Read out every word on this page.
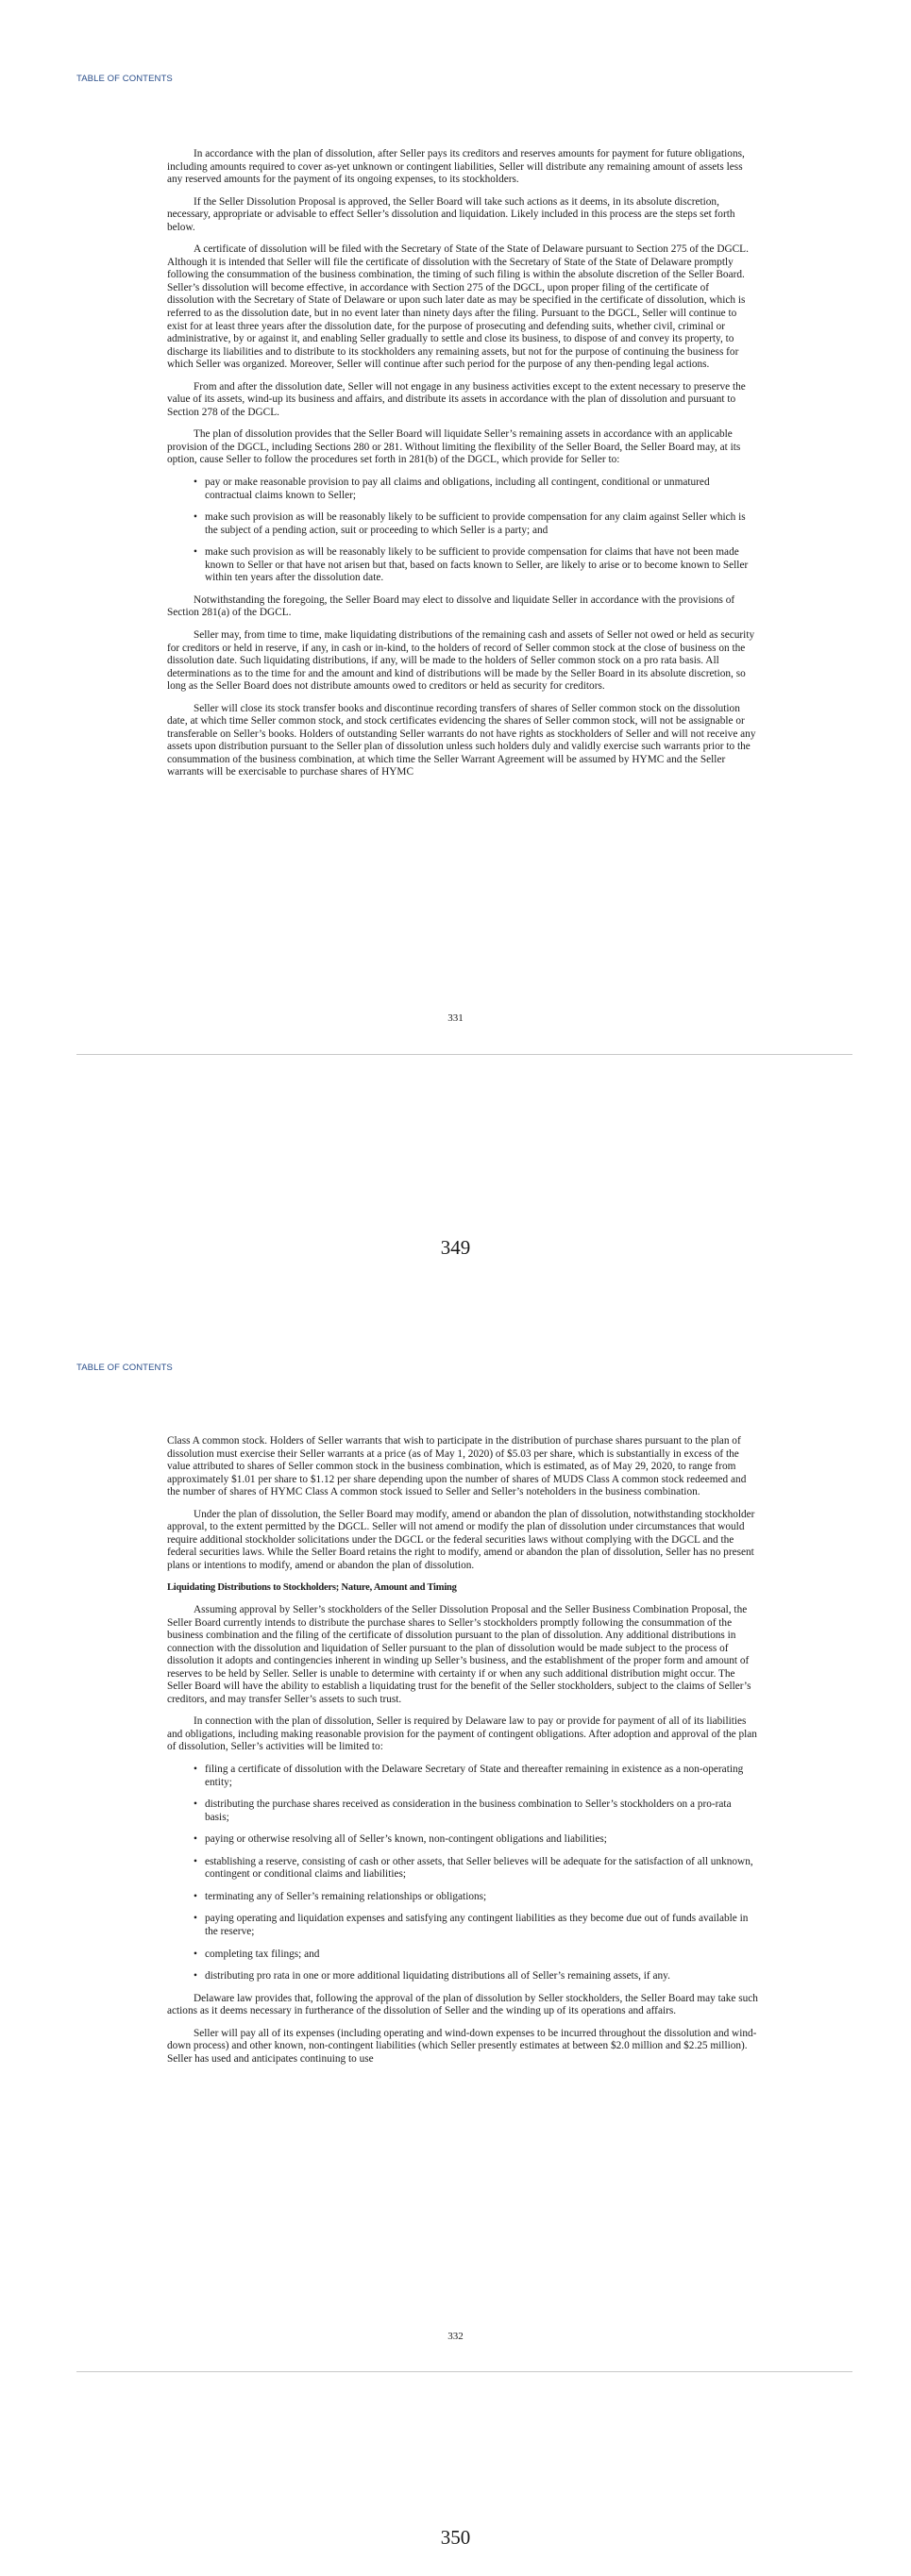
TABLE OF CONTENTS

In accordance with the plan of dissolution, after Seller pays its creditors and reserves amounts for payment for future obligations, including amounts required to cover as-yet unknown or contingent liabilities, Seller will distribute any remaining amount of assets less any reserved amounts for the payment of its ongoing expenses, to its stockholders.

If the Seller Dissolution Proposal is approved, the Seller Board will take such actions as it deems, in its absolute discretion, necessary, appropriate or advisable to effect Seller’s dissolution and liquidation. Likely included in this process are the steps set forth below.

A certificate of dissolution will be filed with the Secretary of State of the State of Delaware pursuant to Section 275 of the DGCL. Although it is intended that Seller will file the certificate of dissolution with the Secretary of State of the State of Delaware promptly following the consummation of the business combination, the timing of such filing is within the absolute discretion of the Seller Board. Seller’s dissolution will become effective, in accordance with Section 275 of the DGCL, upon proper filing of the certificate of dissolution with the Secretary of State of Delaware or upon such later date as may be specified in the certificate of dissolution, which is referred to as the dissolution date, but in no event later than ninety days after the filing. Pursuant to the DGCL, Seller will continue to exist for at least three years after the dissolution date, for the purpose of prosecuting and defending suits, whether civil, criminal or administrative, by or against it, and enabling Seller gradually to settle and close its business, to dispose of and convey its property, to discharge its liabilities and to distribute to its stockholders any remaining assets, but not for the purpose of continuing the business for which Seller was organized. Moreover, Seller will continue after such period for the purpose of any then-pending legal actions.

From and after the dissolution date, Seller will not engage in any business activities except to the extent necessary to preserve the value of its assets, wind-up its business and affairs, and distribute its assets in accordance with the plan of dissolution and pursuant to Section 278 of the DGCL.

The plan of dissolution provides that the Seller Board will liquidate Seller’s remaining assets in accordance with an applicable provision of the DGCL, including Sections 280 or 281. Without limiting the flexibility of the Seller Board, the Seller Board may, at its option, cause Seller to follow the procedures set forth in 281(b) of the DGCL, which provide for Seller to:

• pay or make reasonable provision to pay all claims and obligations, including all contingent, conditional or unmatured contractual claims known to Seller;
• make such provision as will be reasonably likely to be sufficient to provide compensation for any claim against Seller which is the subject of a pending action, suit or proceeding to which Seller is a party; and
• make such provision as will be reasonably likely to be sufficient to provide compensation for claims that have not been made known to Seller or that have not arisen but that, based on facts known to Seller, are likely to arise or to become known to Seller within ten years after the dissolution date.

Notwithstanding the foregoing, the Seller Board may elect to dissolve and liquidate Seller in accordance with the provisions of Section 281(a) of the DGCL.

Seller may, from time to time, make liquidating distributions of the remaining cash and assets of Seller not owed or held as security for creditors or held in reserve, if any, in cash or in-kind, to the holders of record of Seller common stock at the close of business on the dissolution date. Such liquidating distributions, if any, will be made to the holders of Seller common stock on a pro rata basis. All determinations as to the time for and the amount and kind of distributions will be made by the Seller Board in its absolute discretion, so long as the Seller Board does not distribute amounts owed to creditors or held as security for creditors.

Seller will close its stock transfer books and discontinue recording transfers of shares of Seller common stock on the dissolution date, at which time Seller common stock, and stock certificates evidencing the shares of Seller common stock, will not be assignable or transferable on Seller’s books. Holders of outstanding Seller warrants do not have rights as stockholders of Seller and will not receive any assets upon distribution pursuant to the Seller plan of dissolution unless such holders duly and validly exercise such warrants prior to the consummation of the business combination, at which time the Seller Warrant Agreement will be assumed by HYMC and the Seller warrants will be exercisable to purchase shares of HYMC

331
349
TABLE OF CONTENTS

Class A common stock. Holders of Seller warrants that wish to participate in the distribution of purchase shares pursuant to the plan of dissolution must exercise their Seller warrants at a price (as of May 1, 2020) of $5.03 per share, which is substantially in excess of the value attributed to shares of Seller common stock in the business combination, which is estimated, as of May 29, 2020, to range from approximately $1.01 per share to $1.12 per share depending upon the number of shares of MUDS Class A common stock redeemed and the number of shares of HYMC Class A common stock issued to Seller and Seller’s noteholders in the business combination.

Under the plan of dissolution, the Seller Board may modify, amend or abandon the plan of dissolution, notwithstanding stockholder approval, to the extent permitted by the DGCL. Seller will not amend or modify the plan of dissolution under circumstances that would require additional stockholder solicitations under the DGCL or the federal securities laws without complying with the DGCL and the federal securities laws. While the Seller Board retains the right to modify, amend or abandon the plan of dissolution, Seller has no present plans or intentions to modify, amend or abandon the plan of dissolution.

Liquidating Distributions to Stockholders; Nature, Amount and Timing

Assuming approval by Seller’s stockholders of the Seller Dissolution Proposal and the Seller Business Combination Proposal, the Seller Board currently intends to distribute the purchase shares to Seller’s stockholders promptly following the consummation of the business combination and the filing of the certificate of dissolution pursuant to the plan of dissolution. Any additional distributions in connection with the dissolution and liquidation of Seller pursuant to the plan of dissolution would be made subject to the process of dissolution it adopts and contingencies inherent in winding up Seller’s business, and the establishment of the proper form and amount of reserves to be held by Seller. Seller is unable to determine with certainty if or when any such additional distribution might occur. The Seller Board will have the ability to establish a liquidating trust for the benefit of the Seller stockholders, subject to the claims of Seller’s creditors, and may transfer Seller’s assets to such trust.

In connection with the plan of dissolution, Seller is required by Delaware law to pay or provide for payment of all of its liabilities and obligations, including making reasonable provision for the payment of contingent obligations. After adoption and approval of the plan of dissolution, Seller’s activities will be limited to:

• filing a certificate of dissolution with the Delaware Secretary of State and thereafter remaining in existence as a non-operating entity;
• distributing the purchase shares received as consideration in the business combination to Seller’s stockholders on a pro-rata basis;
• paying or otherwise resolving all of Seller’s known, non-contingent obligations and liabilities;
• establishing a reserve, consisting of cash or other assets, that Seller believes will be adequate for the satisfaction of all unknown, contingent or conditional claims and liabilities;
• terminating any of Seller’s remaining relationships or obligations;
• paying operating and liquidation expenses and satisfying any contingent liabilities as they become due out of funds available in the reserve;
• completing tax filings; and
• distributing pro rata in one or more additional liquidating distributions all of Seller’s remaining assets, if any.

Delaware law provides that, following the approval of the plan of dissolution by Seller stockholders, the Seller Board may take such actions as it deems necessary in furtherance of the dissolution of Seller and the winding up of its operations and affairs.

Seller will pay all of its expenses (including operating and wind-down expenses to be incurred throughout the dissolution and wind-down process) and other known, non-contingent liabilities (which Seller presently estimates at between $2.0 million and $2.25 million). Seller has used and anticipates continuing to use

332
350
